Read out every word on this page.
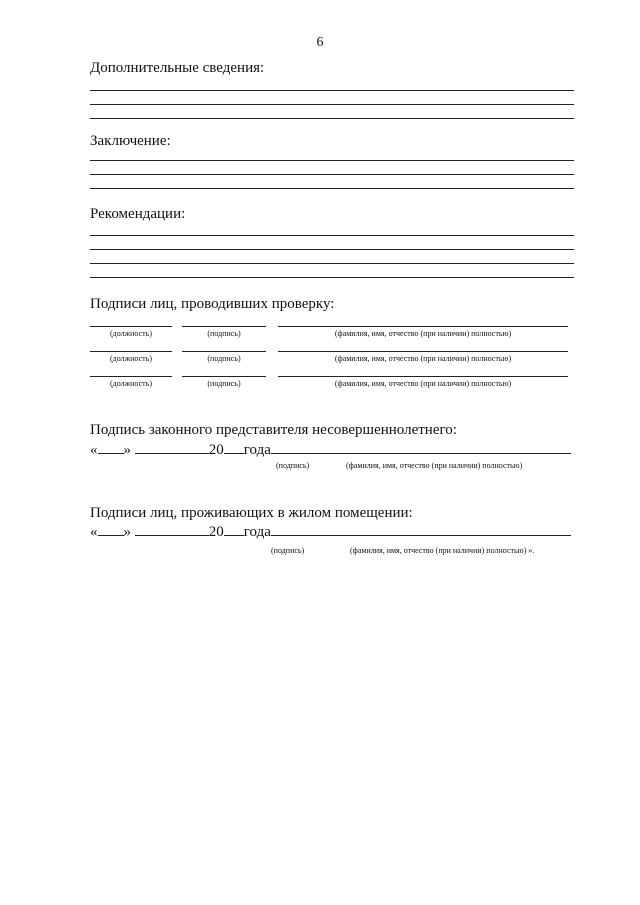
6
Дополнительные сведения:
Заключение:
Рекомендации:
Подписи лиц, проводивших проверку:
(должность)	(подпись)	(фамилия, имя, отчество (при наличии) полностью)
(должность)	(подпись)	(фамилия, имя, отчество (при наличии) полностью)
(должность)	(подпись)	(фамилия, имя, отчество (при наличии) полностью)
Подпись законного представителя несовершеннолетнего:
« »	20 года
(подпись)	(фамилия, имя, отчество (при наличии) полностью)
Подписи лиц, проживающих в жилом помещении:
« »	20 года
(подпись)	(фамилия, имя, отчество (при наличии) полностью) ».
